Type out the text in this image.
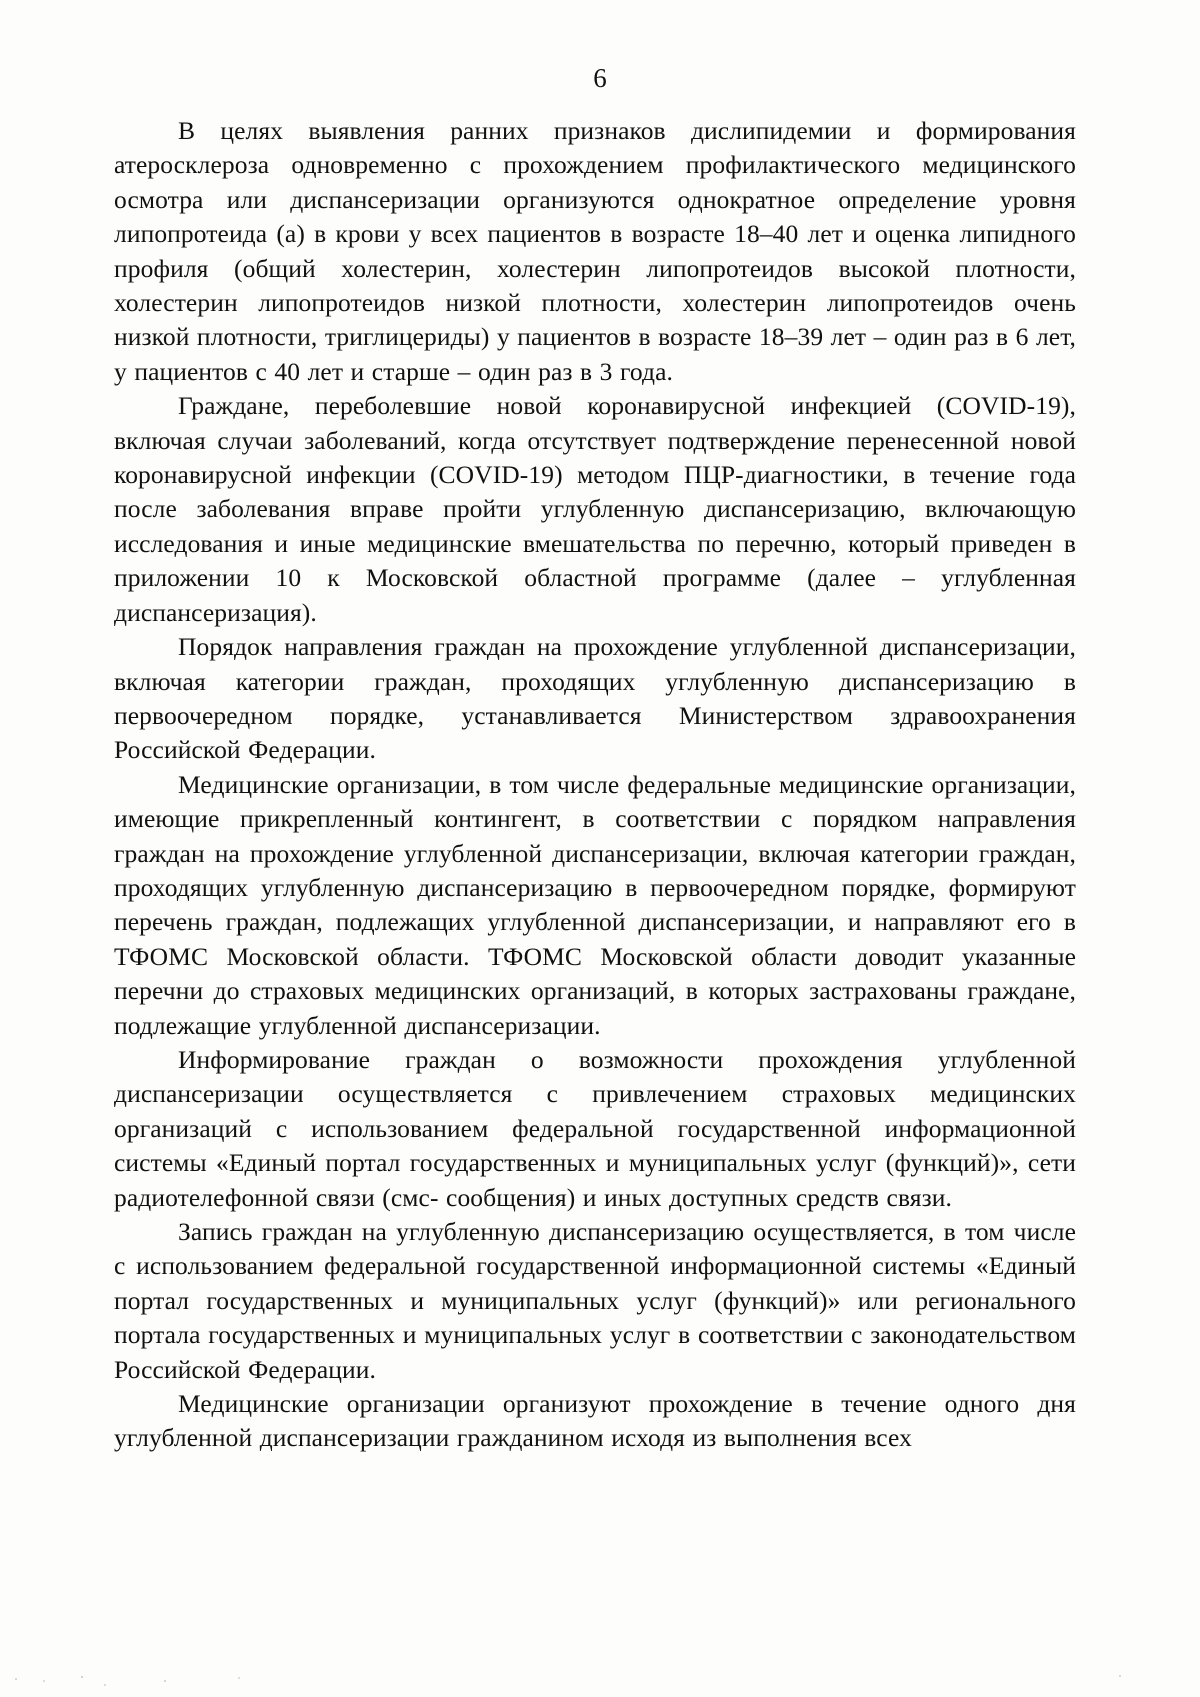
6

В целях выявления ранних признаков дислипидемии и формирования атеросклероза одновременно с прохождением профилактического медицинского осмотра или диспансеризации организуются однократное определение уровня липопротеида (а) в крови у всех пациентов в возрасте 18–40 лет и оценка липидного профиля (общий холестерин, холестерин липопротеидов высокой плотности, холестерин липопротеидов низкой плотности, холестерин липопротеидов очень низкой плотности, триглицериды) у пациентов в возрасте 18–39 лет – один раз в 6 лет, у пациентов с 40 лет и старше – один раз в 3 года.

Граждане, переболевшие новой коронавирусной инфекцией (COVID-19), включая случаи заболеваний, когда отсутствует подтверждение перенесенной новой коронавирусной инфекции (COVID-19) методом ПЦР-диагностики, в течение года после заболевания вправе пройти углубленную диспансеризацию, включающую исследования и иные медицинские вмешательства по перечню, который приведен в приложении 10 к Московской областной программе (далее – углубленная диспансеризация).

Порядок направления граждан на прохождение углубленной диспансеризации, включая категории граждан, проходящих углубленную диспансеризацию в первоочередном порядке, устанавливается Министерством здравоохранения Российской Федерации.

Медицинские организации, в том числе федеральные медицинские организации, имеющие прикрепленный контингент, в соответствии с порядком направления граждан на прохождение углубленной диспансеризации, включая категории граждан, проходящих углубленную диспансеризацию в первоочередном порядке, формируют перечень граждан, подлежащих углубленной диспансеризации, и направляют его в ТФОМС Московской области. ТФОМС Московской области доводит указанные перечни до страховых медицинских организаций, в которых застрахованы граждане, подлежащие углубленной диспансеризации.

Информирование граждан о возможности прохождения углубленной диспансеризации осуществляется с привлечением страховых медицинских организаций с использованием федеральной государственной информационной системы «Единый портал государственных и муниципальных услуг (функций)», сети радиотелефонной связи (смс- сообщения) и иных доступных средств связи.

Запись граждан на углубленную диспансеризацию осуществляется, в том числе с использованием федеральной государственной информационной системы «Единый портал государственных и муниципальных услуг (функций)» или регионального портала государственных и муниципальных услуг в соответствии с законодательством Российской Федерации.

Медицинские организации организуют прохождение в течение одного дня углубленной диспансеризации гражданином исходя из выполнения всех
